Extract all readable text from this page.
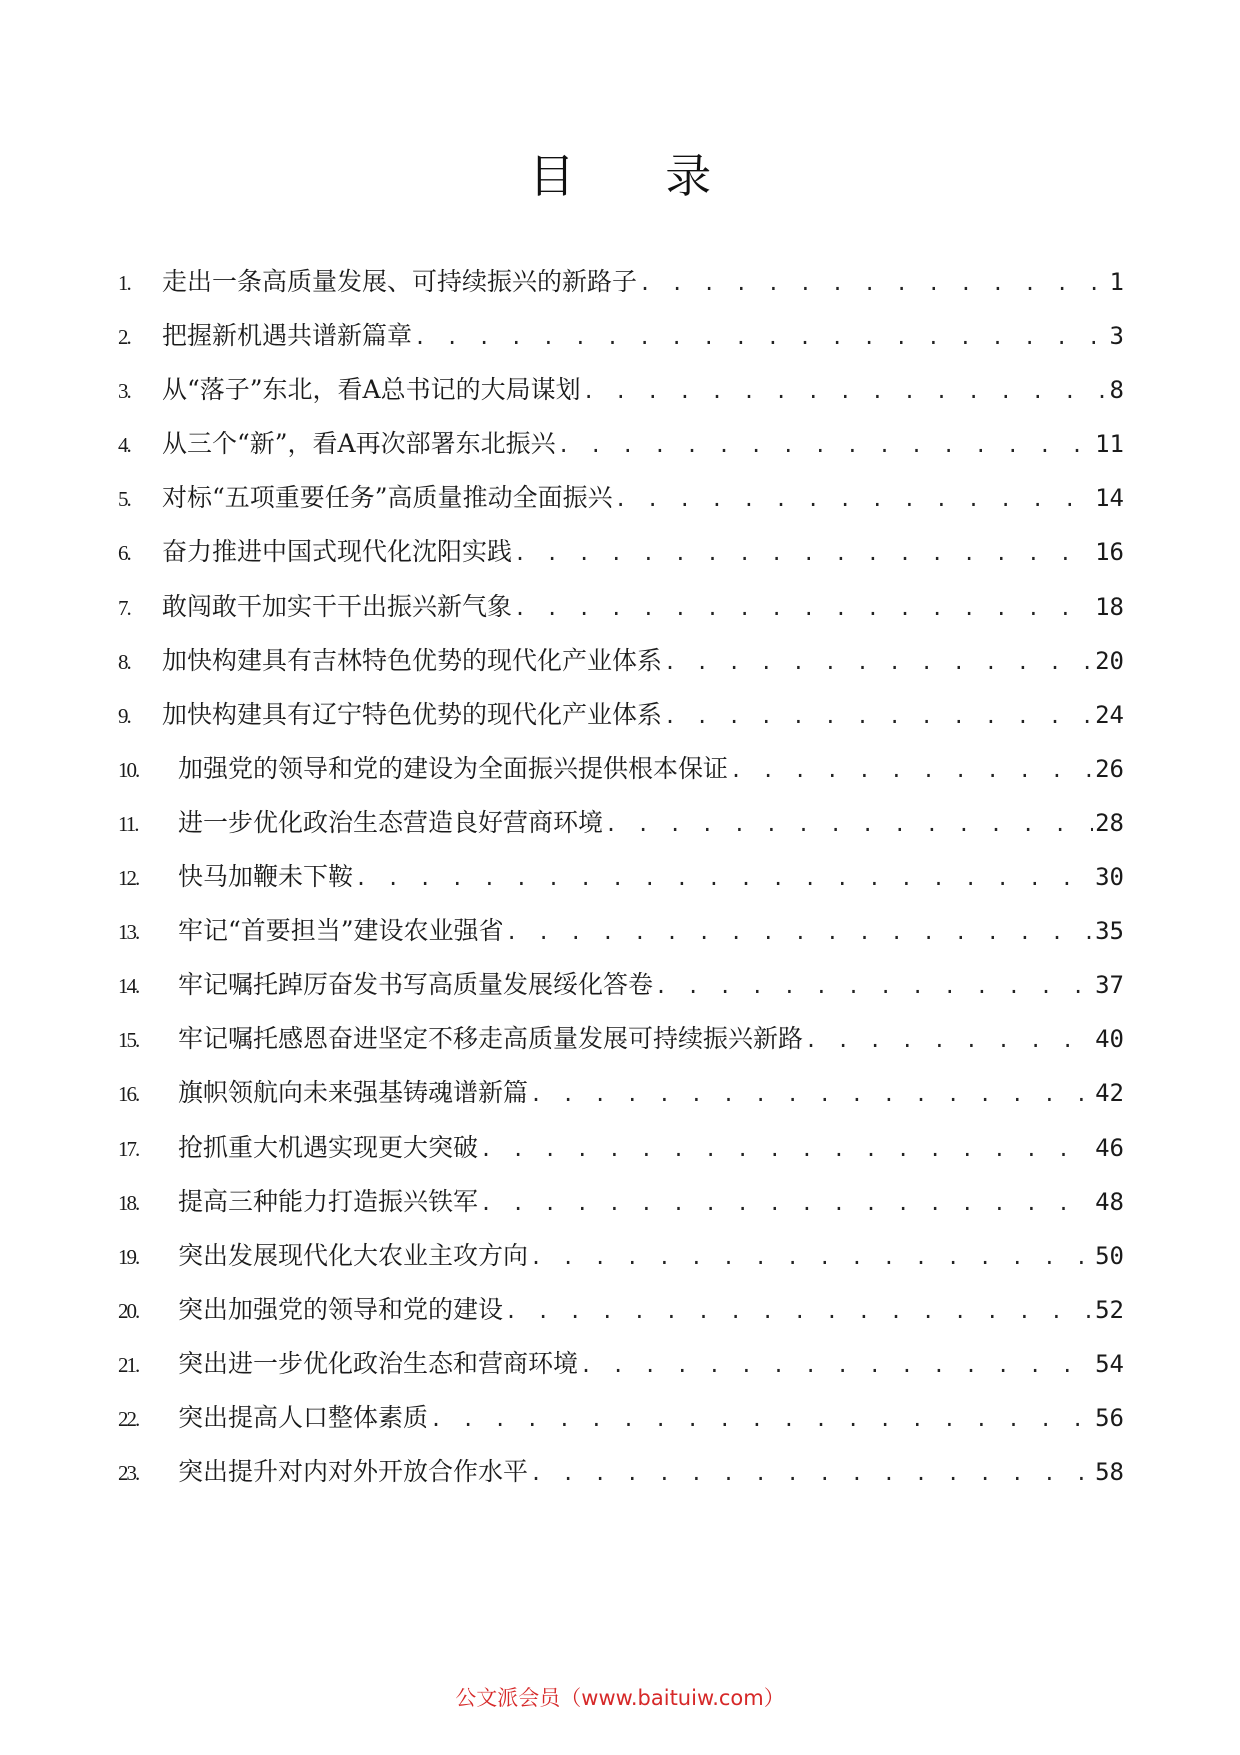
目 录
1.	走出一条高质量发展、可持续振兴的新路子 . . .	1
2.	把握新机遇共谱新篇章 . . .	3
3.	从“落子”东北，看A总书记的大局谋划 . . .	8
4.	从三个“新”，看A再次部署东北振兴 . . .	11
5.	对标“五项重要任务”高质量推动全面振兴 . . .	14
6.	奋力推进中国式现代化沈阳实践 . . .	16
7.	敢闯敢干加实干干出振兴新气象 . . .	18
8.	加快构建具有吉林特色优势的现代化产业体系 . . .	20
9.	加快构建具有辽宁特色优势的现代化产业体系 . . .	24
10.	加强党的领导和党的建设为全面振兴提供根本保证 . . .	26
11.	进一步优化政治生态营造良好营商环境 . . .	28
12.	快马加鞭未下鞍 . . .	30
13.	牢记“首要担当”建设农业强省 . . .	35
14.	牢记嘱托踔厉奋发书写高质量发展绥化答卷 . . .	37
15.	牢记嘱托感恩奋进坚定不移走高质量发展可持续振兴新路 . . .	40
16.	旗帜领航向未来强基铸魂谱新篇 . . .	42
17.	抢抓重大机遇实现更大突破 . . .	46
18.	提高三种能力打造振兴铁军 . . .	48
19.	突出发展现代化大农业主攻方向 . . .	50
20.	突出加强党的领导和党的建设 . . .	52
21.	突出进一步优化政治生态和营商环境 . . .	54
22.	突出提高人口整体素质 . . .	56
23.	突出提升对内对外开放合作水平 . . .	58
公文派会员（www.baituiw.com）
